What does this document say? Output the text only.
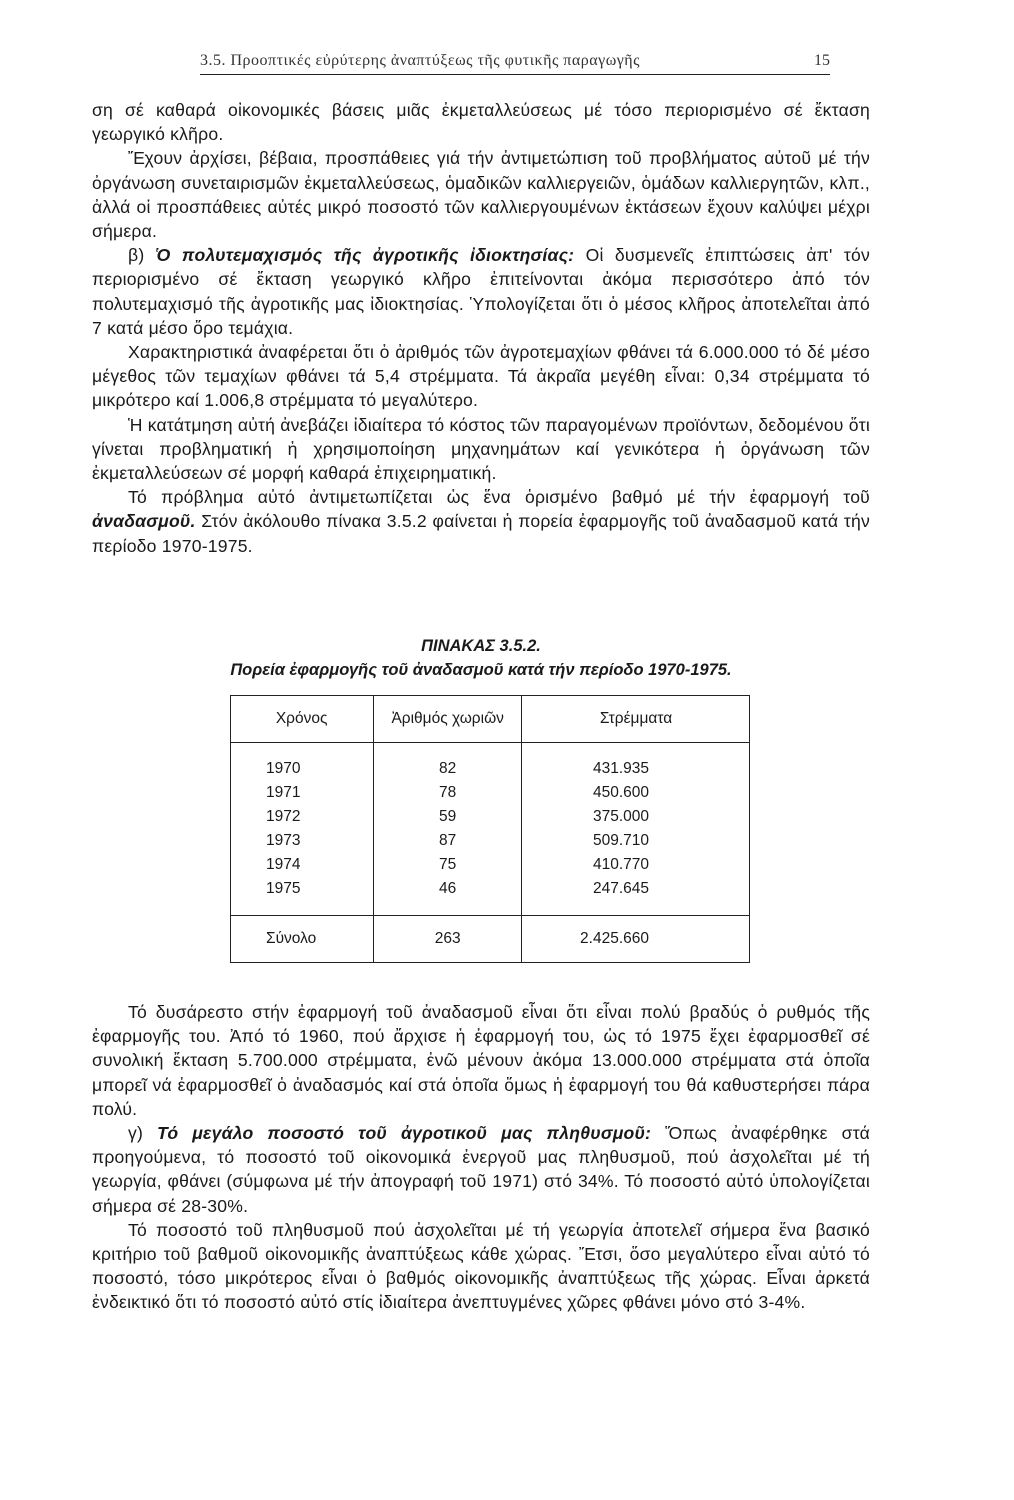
3.5. Προοπτικές εὐρύτερης ἀναπτύξεως τῆς φυτικῆς παραγωγῆς	15

ση σέ καθαρά οἰκονομικές βάσεις μιᾶς ἐκμεταλλεύσεως μέ τόσο περιορισμένο σέ ἔκταση γεωργικό κλῆρο.

Ἔχουν ἀρχίσει, βέβαια, προσπάθειες γιά τήν ἀντιμετώπιση τοῦ προβλήματος αὐτοῦ μέ τήν ὀργάνωση συνεταιρισμῶν ἐκμεταλλεύσεως, ὁμαδικῶν καλλιεργειῶν, ὁμάδων καλλιεργητῶν, κλπ., ἀλλά οἱ προσπάθειες αὐτές μικρό ποσοστό τῶν καλλιεργουμένων ἐκτάσεων ἔχουν καλύψει μέχρι σήμερα.

β) Ὁ πολυτεμαχισμός τῆς ἀγροτικῆς ἰδιοκτησίας: Οἱ δυσμενεῖς ἐπιπτώσεις ἀπ' τόν περιορισμένο σέ ἔκταση γεωργικό κλῆρο ἐπιτείνονται ἀκόμα περισσότερο ἀπό τόν πολυτεμαχισμό τῆς ἀγροτικῆς μας ἰδιοκτησίας. Ὑπολογίζεται ὅτι ὁ μέσος κλῆρος ἀποτελεῖται ἀπό 7 κατά μέσο ὅρο τεμάχια.

Χαρακτηριστικά ἀναφέρεται ὅτι ὁ ἀριθμός τῶν ἀγροτεμαχίων φθάνει τά 6.000.000 τό δέ μέσο μέγεθος τῶν τεμαχίων φθάνει τά 5,4 στρέμματα. Τά ἀκραῖα μεγέθη εἶναι: 0,34 στρέμματα τό μικρότερο καί 1.006,8 στρέμματα τό μεγαλύτερο.

Ἡ κατάτμηση αὐτή ἀνεβάζει ἰδιαίτερα τό κόστος τῶν παραγομένων προϊόντων, δεδομένου ὅτι γίνεται προβληματική ἡ χρησιμοποίηση μηχανημάτων καί γενικότερα ἡ ὀργάνωση τῶν ἐκμεταλλεύσεων σέ μορφή καθαρά ἐπιχειρηματική.

Τό πρόβλημα αὐτό ἀντιμετωπίζεται ὡς ἕνα ὁρισμένο βαθμό μέ τήν ἐφαρμογή τοῦ ἀναδασμοῦ. Στόν ἀκόλουθο πίνακα 3.5.2 φαίνεται ἡ πορεία ἐφαρμογῆς τοῦ ἀναδασμοῦ κατά τήν περίοδο 1970-1975.

ΠΙΝΑΚΑΣ 3.5.2.
Πορεία ἐφαρμογῆς τοῦ ἀναδασμοῦ κατά τήν περίοδο 1970-1975.
Χρόνος	Ἀριθμός χωριῶν	Στρέμματα

1970	82	431.935
1971	78	450.600
1972	59	375.000
1973	87	509.710
1974	75	410.770
1975	46	247.645

Σύνολο	263	2.425.660

Τό δυσάρεστο στήν ἐφαρμογή τοῦ ἀναδασμοῦ εἶναι ὅτι εἶναι πολύ βραδύς ὁ ρυθμός τῆς ἐφαρμογῆς του. Ἀπό τό 1960, πού ἄρχισε ἡ ἐφαρμογή του, ὡς τό 1975 ἔχει ἐφαρμοσθεῖ σέ συνολική ἔκταση 5.700.000 στρέμματα, ἐνῶ μένουν ἀκόμα 13.000.000 στρέμματα στά ὁποῖα μπορεῖ νά ἐφαρμοσθεῖ ὁ ἀναδασμός καί στά ὁποῖα ὅμως ἡ ἐφαρμογή του θά καθυστερήσει πάρα πολύ.

γ) Τό μεγάλο ποσοστό τοῦ ἀγροτικοῦ μας πληθυσμοῦ: Ὅπως ἀναφέρθηκε στά προηγούμενα, τό ποσοστό τοῦ οἰκονομικά ἐνεργοῦ μας πληθυσμοῦ, πού ἀσχολεῖται μέ τή γεωργία, φθάνει (σύμφωνα μέ τήν ἀπογραφή τοῦ 1971) στό 34%. Τό ποσοστό αὐτό ὑπολογίζεται σήμερα σέ 28-30%.

Τό ποσοστό τοῦ πληθυσμοῦ πού ἀσχολεῖται μέ τή γεωργία ἀποτελεῖ σήμερα ἕνα βασικό κριτήριο τοῦ βαθμοῦ οἰκονομικῆς ἀναπτύξεως κάθε χώρας. Ἔτσι, ὅσο μεγαλύτερο εἶναι αὐτό τό ποσοστό, τόσο μικρότερος εἶναι ὁ βαθμός οἰκονομικῆς ἀναπτύξεως τῆς χώρας. Εἶναι ἀρκετά ἐνδεικτικό ὅτι τό ποσοστό αὐτό στίς ἰδιαίτερα ἀνεπτυγμένες χῶρες φθάνει μόνο στό 3-4%.
